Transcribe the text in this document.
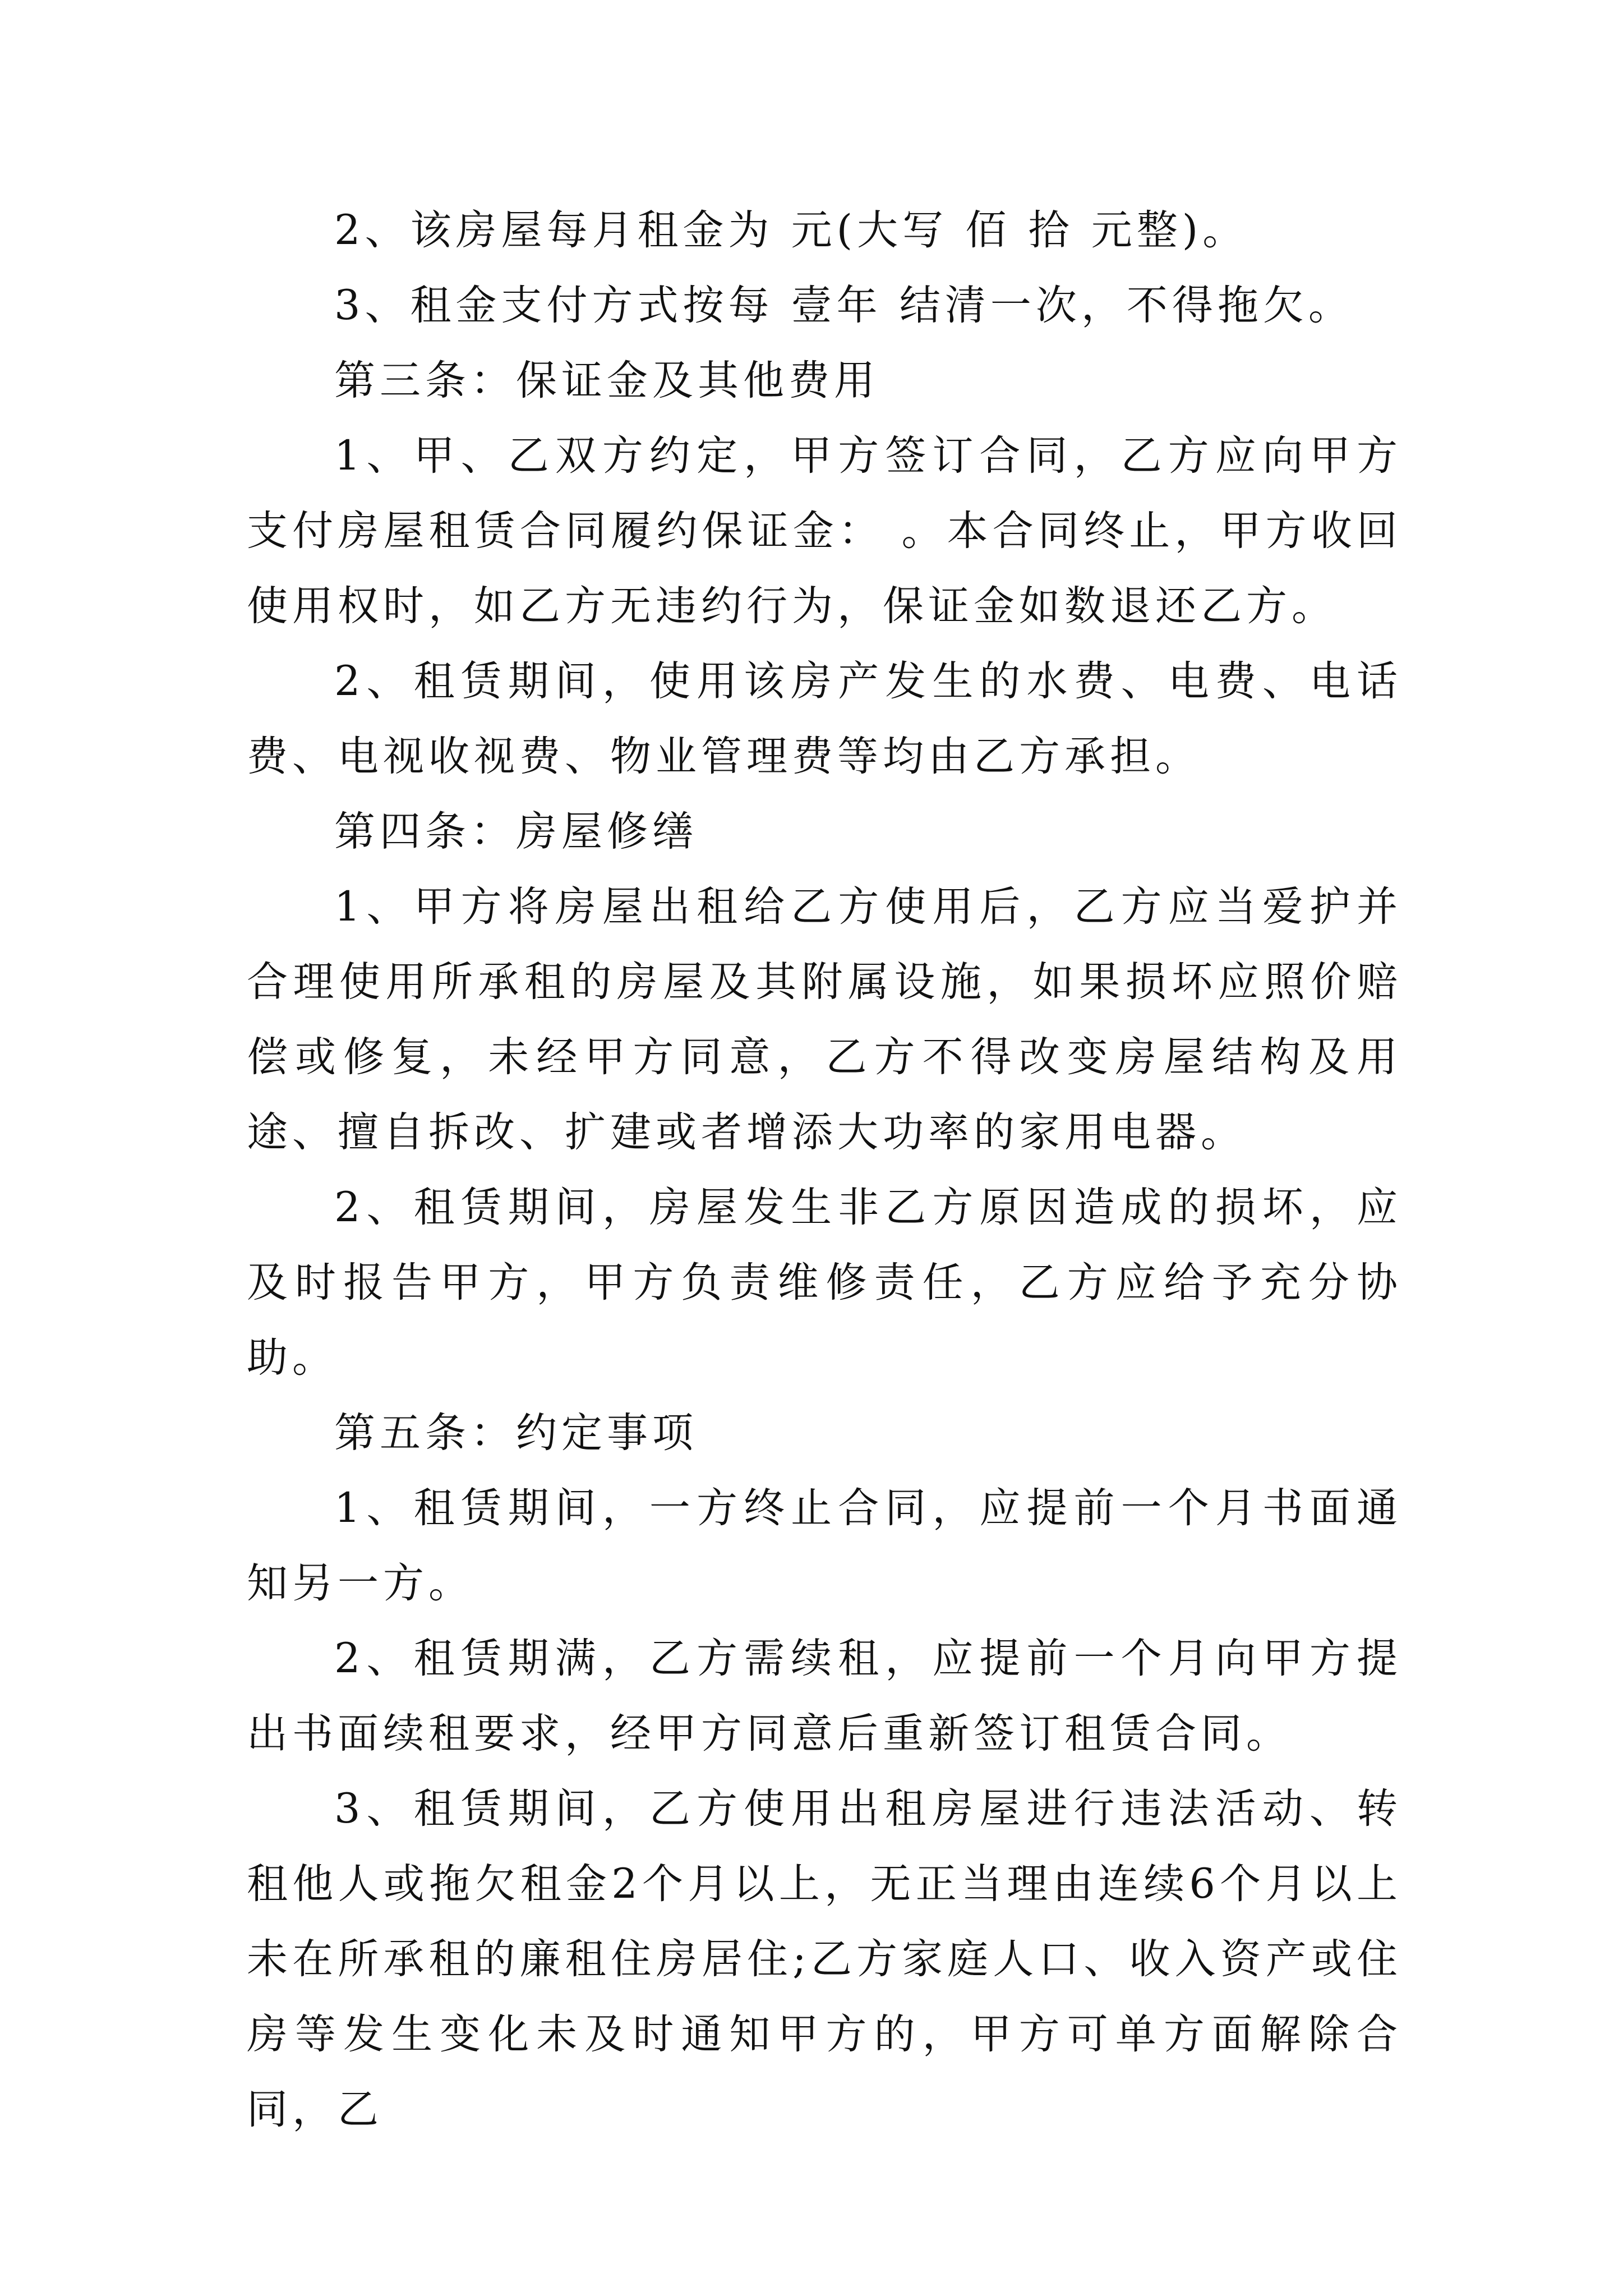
2、该房屋每月租金为 元(大写 佰 拾 元整)。

3、租金支付方式按每 壹年 结清一次，不得拖欠。

第三条：保证金及其他费用

1、甲、乙双方约定，甲方签订合同，乙方应向甲方支付房屋租赁合同履约保证金： 。本合同终止，甲方收回使用权时，如乙方无违约行为，保证金如数退还乙方。

2、租赁期间，使用该房产发生的水费、电费、电话费、电视收视费、物业管理费等均由乙方承担。

第四条：房屋修缮

1、甲方将房屋出租给乙方使用后，乙方应当爱护并合理使用所承租的房屋及其附属设施，如果损坏应照价赔偿或修复，未经甲方同意，乙方不得改变房屋结构及用途、擅自拆改、扩建或者增添大功率的家用电器。

2、租赁期间，房屋发生非乙方原因造成的损坏，应及时报告甲方，甲方负责维修责任，乙方应给予充分协助。

第五条：约定事项

1、租赁期间，一方终止合同，应提前一个月书面通知另一方。

2、租赁期满，乙方需续租，应提前一个月向甲方提出书面续租要求，经甲方同意后重新签订租赁合同。

3、租赁期间，乙方使用出租房屋进行违法活动、转租他人或拖欠租金2个月以上，无正当理由连续6个月以上未在所承租的廉租住房居住;乙方家庭人口、收入资产或住房等发生变化未及时通知甲方的，甲方可单方面解除合同，乙
